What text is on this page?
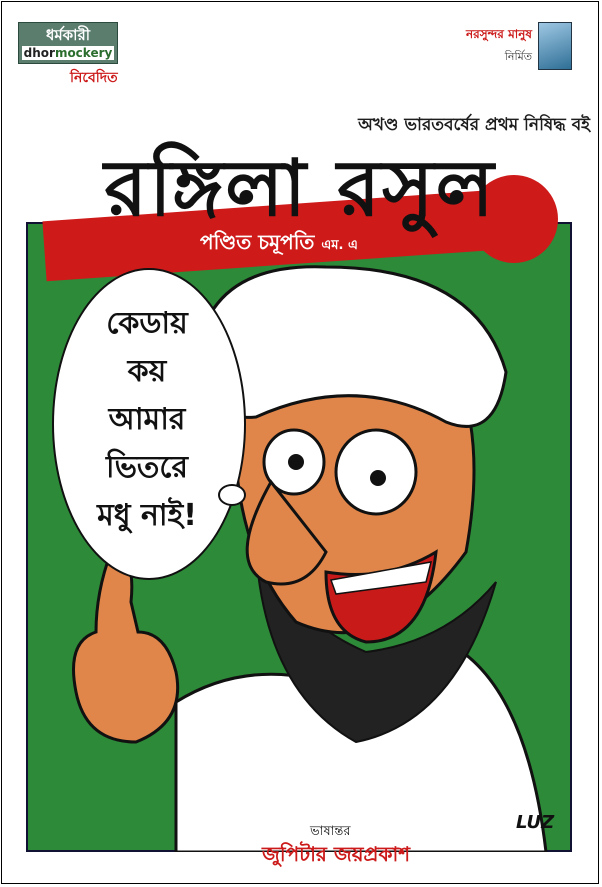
ধর্মকারী
dhormockery
নিবেদিত
নরসুন্দর মানুষ
নির্মিত
অখণ্ড ভারতবর্ষের প্রথম নিষিদ্ধ বই
রঙ্গিলা রসুল
পণ্ডিত চমূপতি এম. এ
কেডায়
কয়
আমার
ভিতরে
মধু নাই!
LUZ
ভাষান্তর
জুপিটার জয়প্রকাশ
